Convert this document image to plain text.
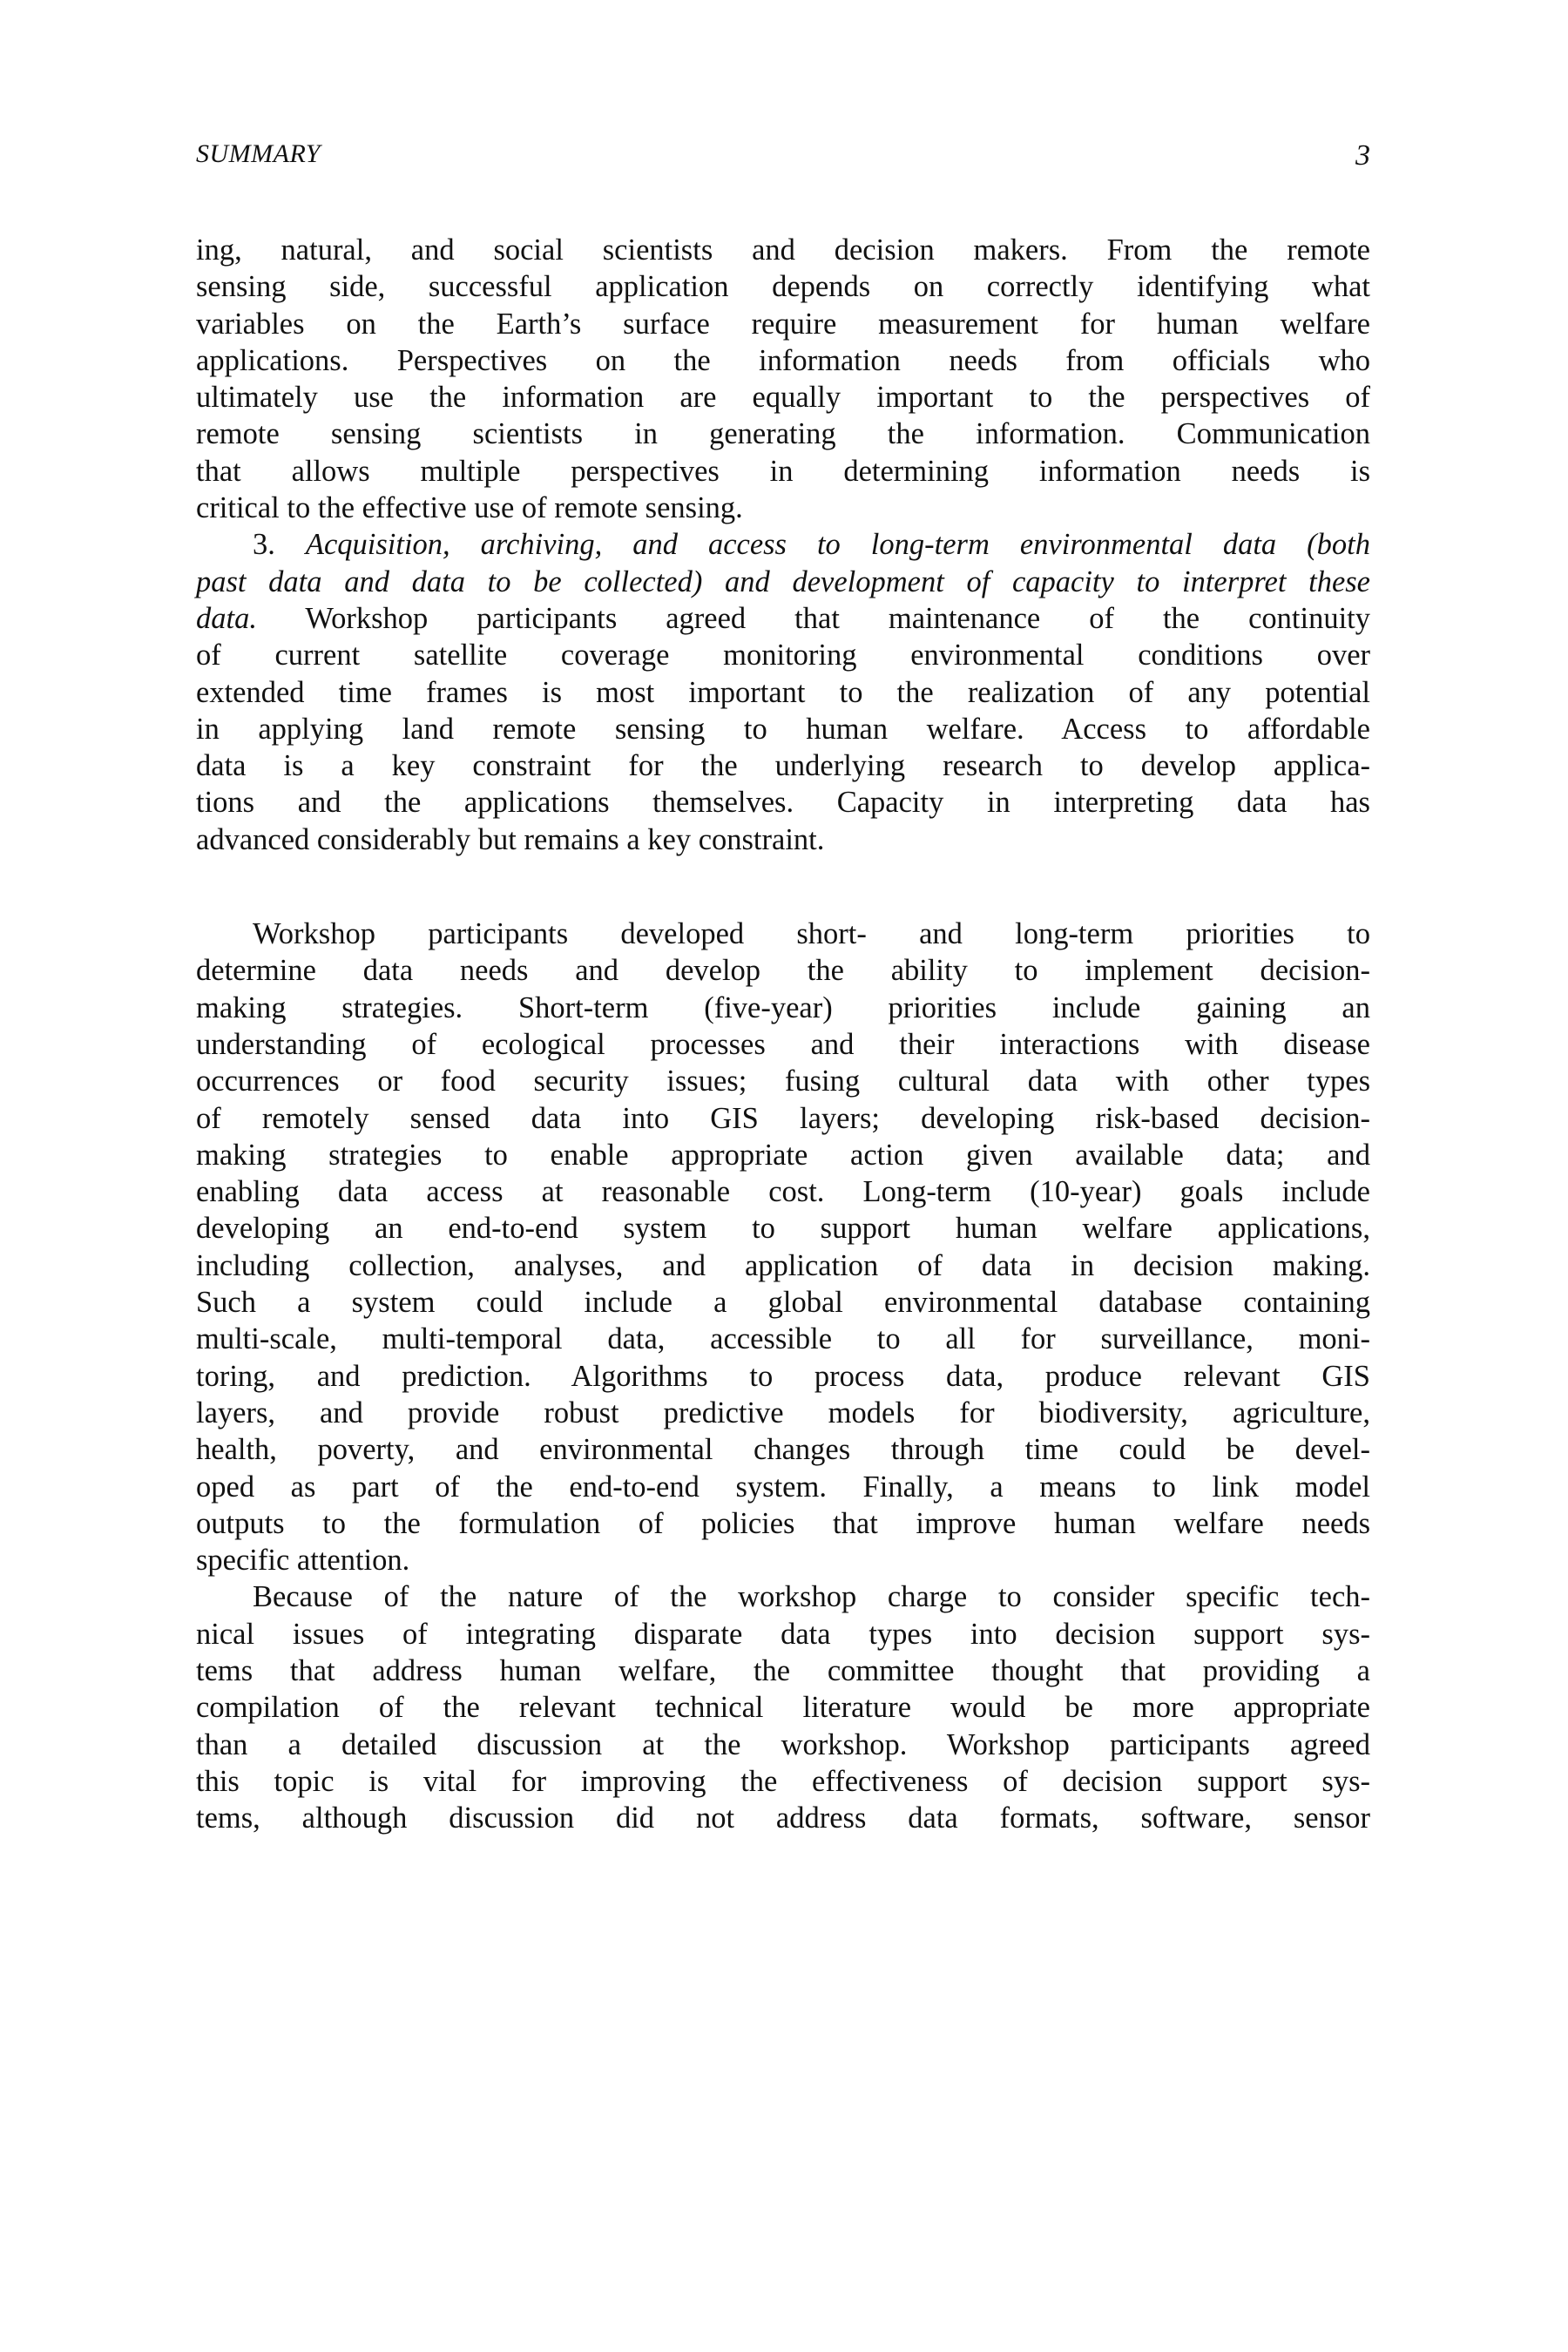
SUMMARY	3
ing, natural, and social scientists and decision makers. From the remote
sensing side, successful application depends on correctly identifying what
variables on the Earth’s surface require measurement for human welfare
applications. Perspectives on the information needs from officials who
ultimately use the information are equally important to the perspectives of
remote sensing scientists in generating the information. Communication
that allows multiple perspectives in determining information needs is
critical to the effective use of remote sensing.
3. Acquisition, archiving, and access to long-term environmental data (both
past data and data to be collected) and development of capacity to interpret these
data. Workshop participants agreed that maintenance of the continuity
of current satellite coverage monitoring environmental conditions over
extended time frames is most important to the realization of any potential
in applying land remote sensing to human welfare. Access to affordable
data is a key constraint for the underlying research to develop applica-
tions and the applications themselves. Capacity in interpreting data has
advanced considerably but remains a key constraint.
Workshop participants developed short- and long-term priorities to
determine data needs and develop the ability to implement decision-
making strategies. Short-term (five-year) priorities include gaining an
understanding of ecological processes and their interactions with disease
occurrences or food security issues; fusing cultural data with other types
of remotely sensed data into GIS layers; developing risk-based decision-
making strategies to enable appropriate action given available data; and
enabling data access at reasonable cost. Long-term (10-year) goals include
developing an end-to-end system to support human welfare applications,
including collection, analyses, and application of data in decision making.
Such a system could include a global environmental database containing
multi-scale, multi-temporal data, accessible to all for surveillance, moni-
toring, and prediction. Algorithms to process data, produce relevant GIS
layers, and provide robust predictive models for biodiversity, agriculture,
health, poverty, and environmental changes through time could be devel-
oped as part of the end-to-end system. Finally, a means to link model
outputs to the formulation of policies that improve human welfare needs
specific attention.
Because of the nature of the workshop charge to consider specific tech-
nical issues of integrating disparate data types into decision support sys-
tems that address human welfare, the committee thought that providing a
compilation of the relevant technical literature would be more appropriate
than a detailed discussion at the workshop. Workshop participants agreed
this topic is vital for improving the effectiveness of decision support sys-
tems, although discussion did not address data formats, software, sensor
